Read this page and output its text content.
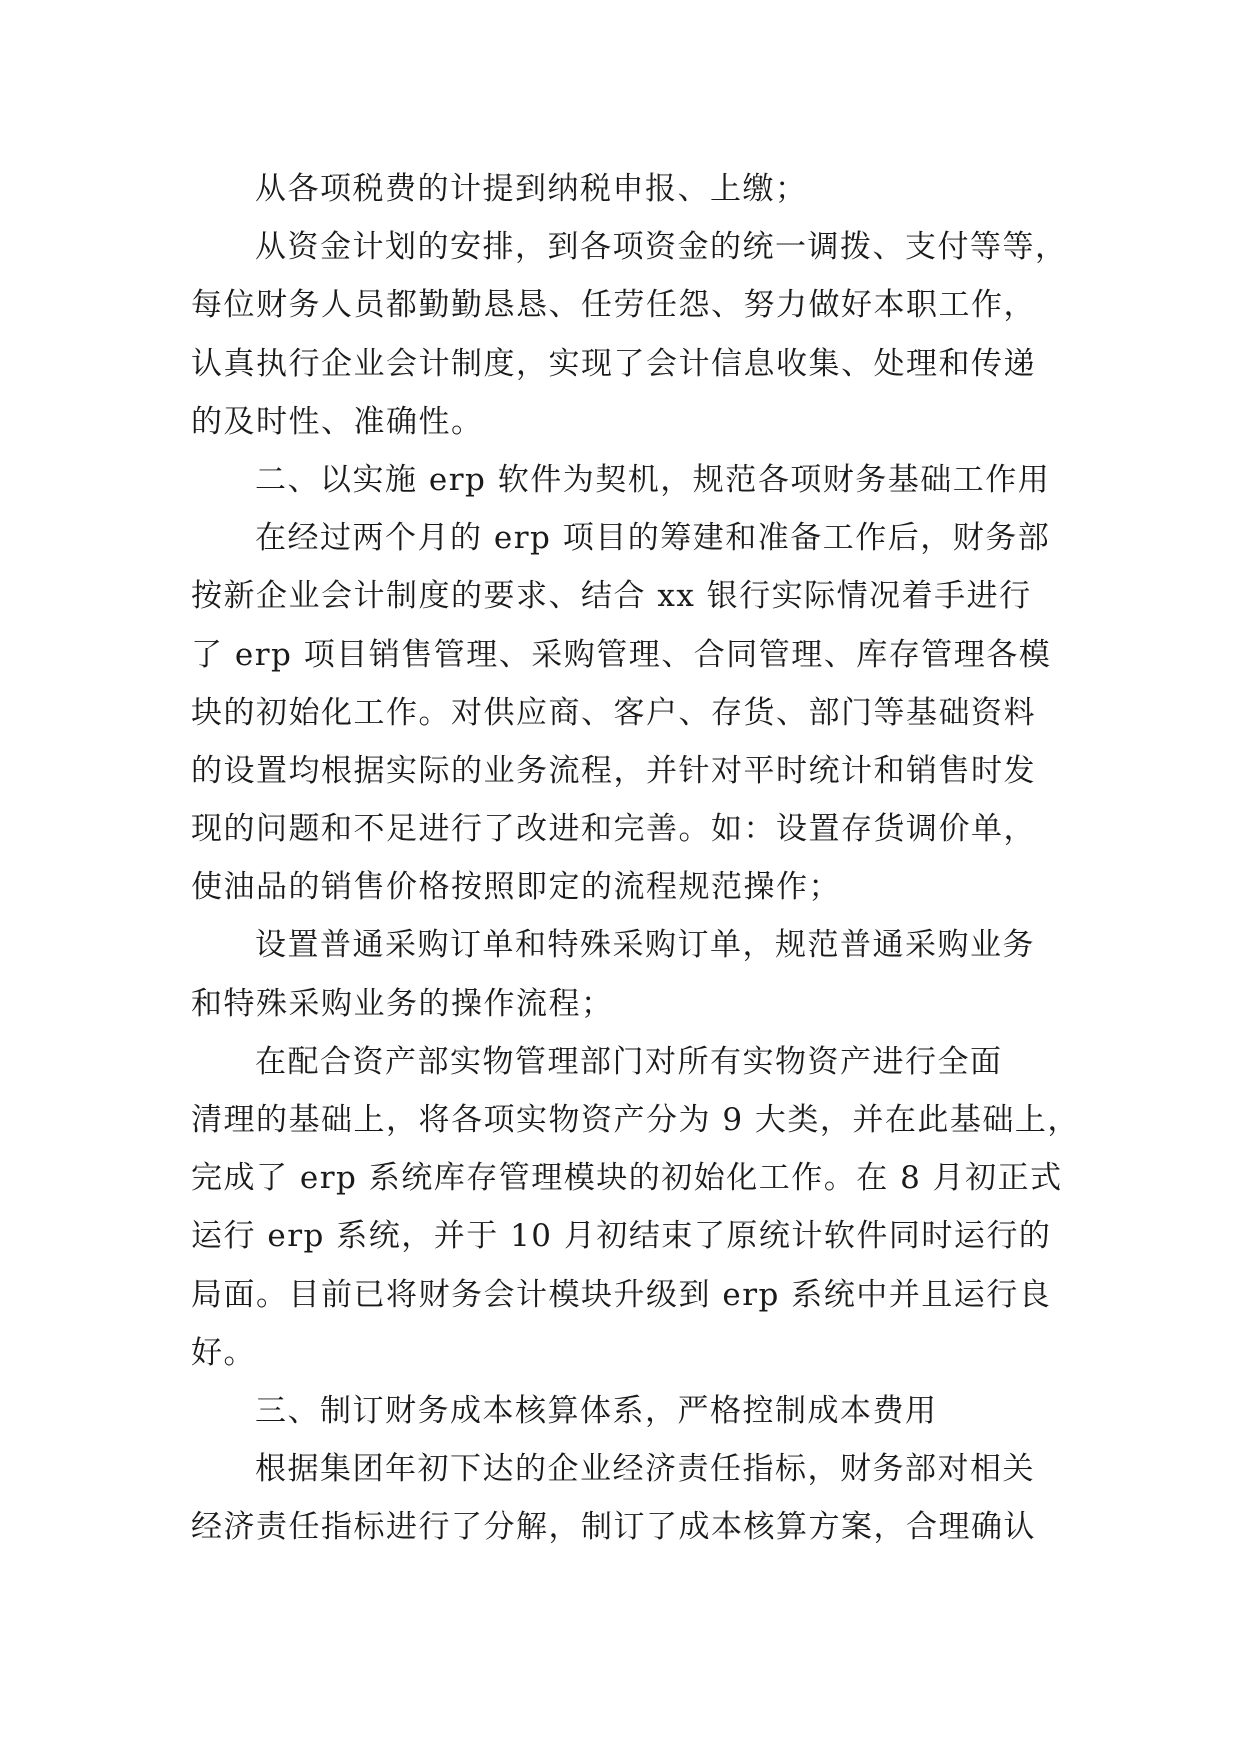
从各项税费的计提到纳税申报、上缴；

从资金计划的安排，到各项资金的统一调拨、支付等等，
每位财务人员都勤勤恳恳、任劳任怨、努力做好本职工作，
认真执行企业会计制度，实现了会计信息收集、处理和传递
的及时性、准确性。

二、以实施 erp 软件为契机，规范各项财务基础工作用

在经过两个月的 erp 项目的筹建和准备工作后，财务部
按新企业会计制度的要求、结合 xx 银行实际情况着手进行
了 erp 项目销售管理、采购管理、合同管理、库存管理各模
块的初始化工作。对供应商、客户、存货、部门等基础资料
的设置均根据实际的业务流程，并针对平时统计和销售时发
现的问题和不足进行了改进和完善。如：设置存货调价单，
使油品的销售价格按照即定的流程规范操作；

设置普通采购订单和特殊采购订单，规范普通采购业务
和特殊采购业务的操作流程；

在配合资产部实物管理部门对所有实物资产进行全面
清理的基础上，将各项实物资产分为 9 大类，并在此基础上，
完成了 erp 系统库存管理模块的初始化工作。在 8 月初正式
运行 erp 系统，并于 10 月初结束了原统计软件同时运行的
局面。目前已将财务会计模块升级到 erp 系统中并且运行良
好。

三、制订财务成本核算体系，严格控制成本费用

根据集团年初下达的企业经济责任指标，财务部对相关
经济责任指标进行了分解，制订了成本核算方案，合理确认
